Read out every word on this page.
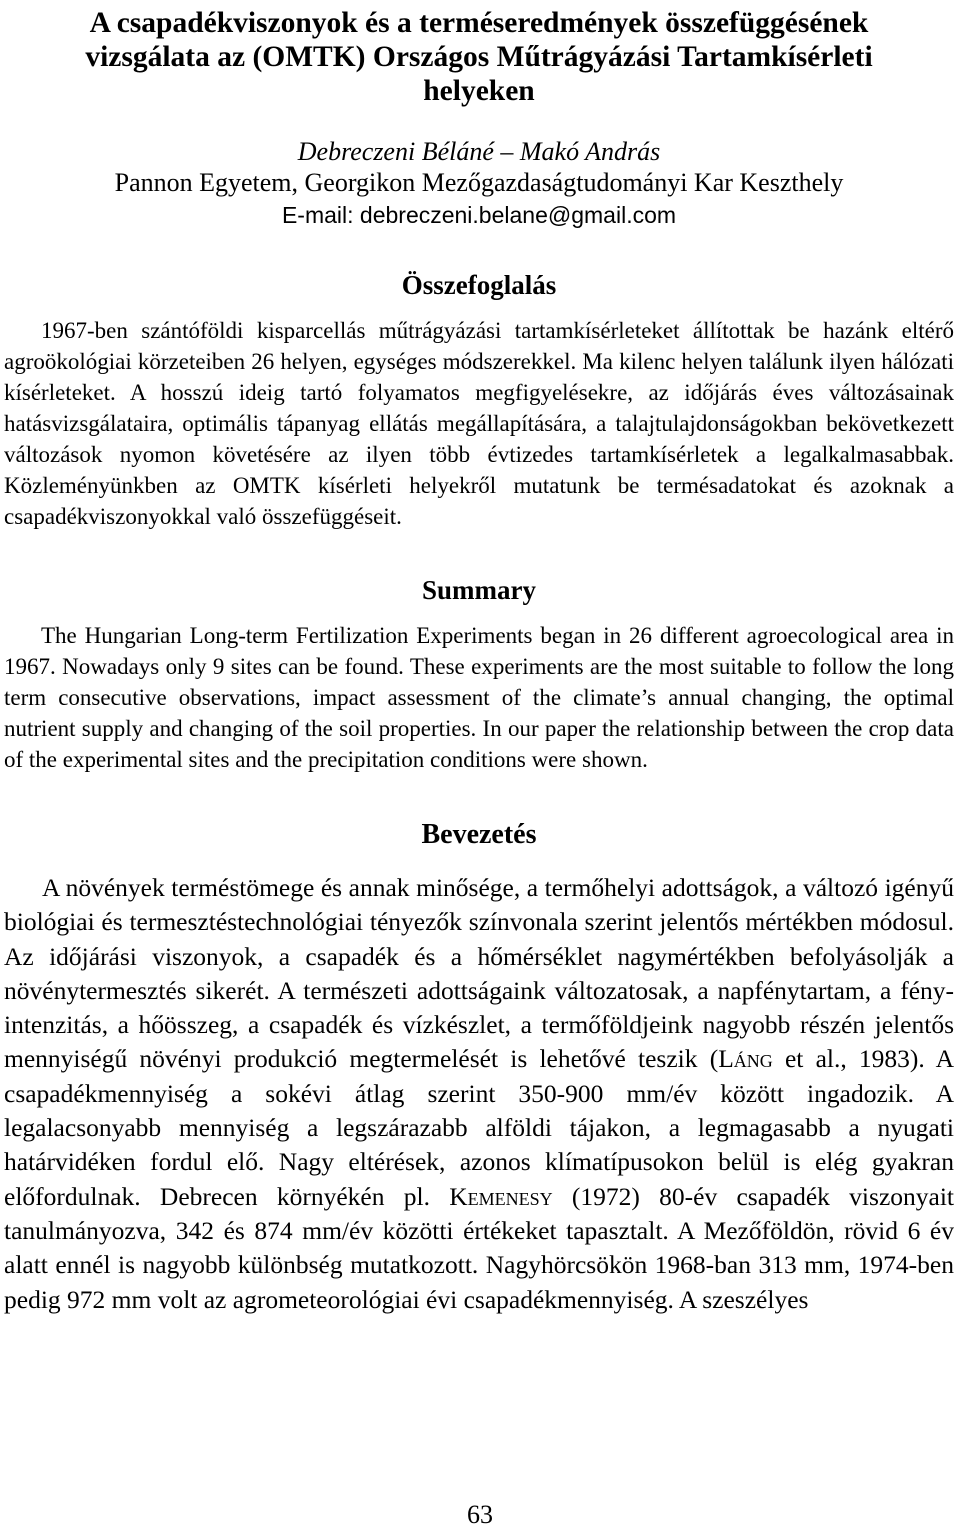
A csapadékviszonyok és a terméseredmények összefüggésének
vizsgálata az (OMTK) Országos Műtrágyázási Tartamkísérleti
helyeken
Debreczeni Béláné – Makó András
Pannon Egyetem, Georgikon Mezőgazdaságtudományi Kar Keszthely
E-mail: debreczeni.belane@gmail.com
Összefoglalás

1967-ben szántóföldi kisparcellás műtrágyázási tartamkísérleteket állítottak be hazánk eltérő agroökológiai körzeteiben 26 helyen, egységes módszerekkel. Ma kilenc helyen találunk ilyen hálózati kísérleteket. A hosszú ideig tartó folyamatos megfigyelésekre, az időjárás éves változásainak hatásvizsgálataira, optimális tápanyag ellátás megállapítására, a talajtulajdonságokban bekövetkezett változások nyomon követésére az ilyen több évtizedes tartamkísérletek a legalkalmasabbak. Közleményünkben az OMTK kísérleti helyekről mutatunk be termésadatokat és azoknak a csapadékviszonyokkal való összefüggéseit.

Summary

The Hungarian Long-term Fertilization Experiments began in 26 different agroecological area in 1967. Nowadays only 9 sites can be found. These experiments are the most suitable to follow the long term consecutive observations, impact assessment of the climate’s annual changing, the optimal nutrient supply and changing of the soil properties. In our paper the relationship between the crop data of the experimental sites and the precipitation conditions were shown.

Bevezetés

A növények terméstömege és annak minősége, a termőhelyi adottságok, a változó igényű biológiai és termesztéstechnológiai tényezők színvonala szerint jelentős mértékben módosul. Az időjárási viszonyok, a csapadék és a hőmérséklet nagymértékben befolyásolják a növénytermesztés sikerét. A természeti adottságaink változatosak, a napfénytartam, a fény-intenzitás, a hőösszeg, a csapadék és vízkészlet, a termőföldjeink nagyobb részén jelentős mennyiségű növényi produkció megtermelését is lehetővé teszik (Láng et al., 1983). A csapadékmennyiség a sokévi átlag szerint 350-900 mm/év között ingadozik. A legalacsonyabb mennyiség a legszárazabb alföldi tájakon, a legmagasabb a nyugati határvidéken fordul elő. Nagy eltérések, azonos klímatípusokon belül is elég gyakran előfordulnak. Debrecen környékén pl. Kemenesy (1972) 80-év csapadék viszonyait tanulmányozva, 342 és 874 mm/év közötti értékeket tapasztalt. A Mezőföldön, rövid 6 év alatt ennél is nagyobb különbség mutatkozott. Nagyhörcsökön 1968-ban 313 mm, 1974-ben pedig 972 mm volt az agrometeorológiai évi csapadékmennyiség. A szeszélyes

63
